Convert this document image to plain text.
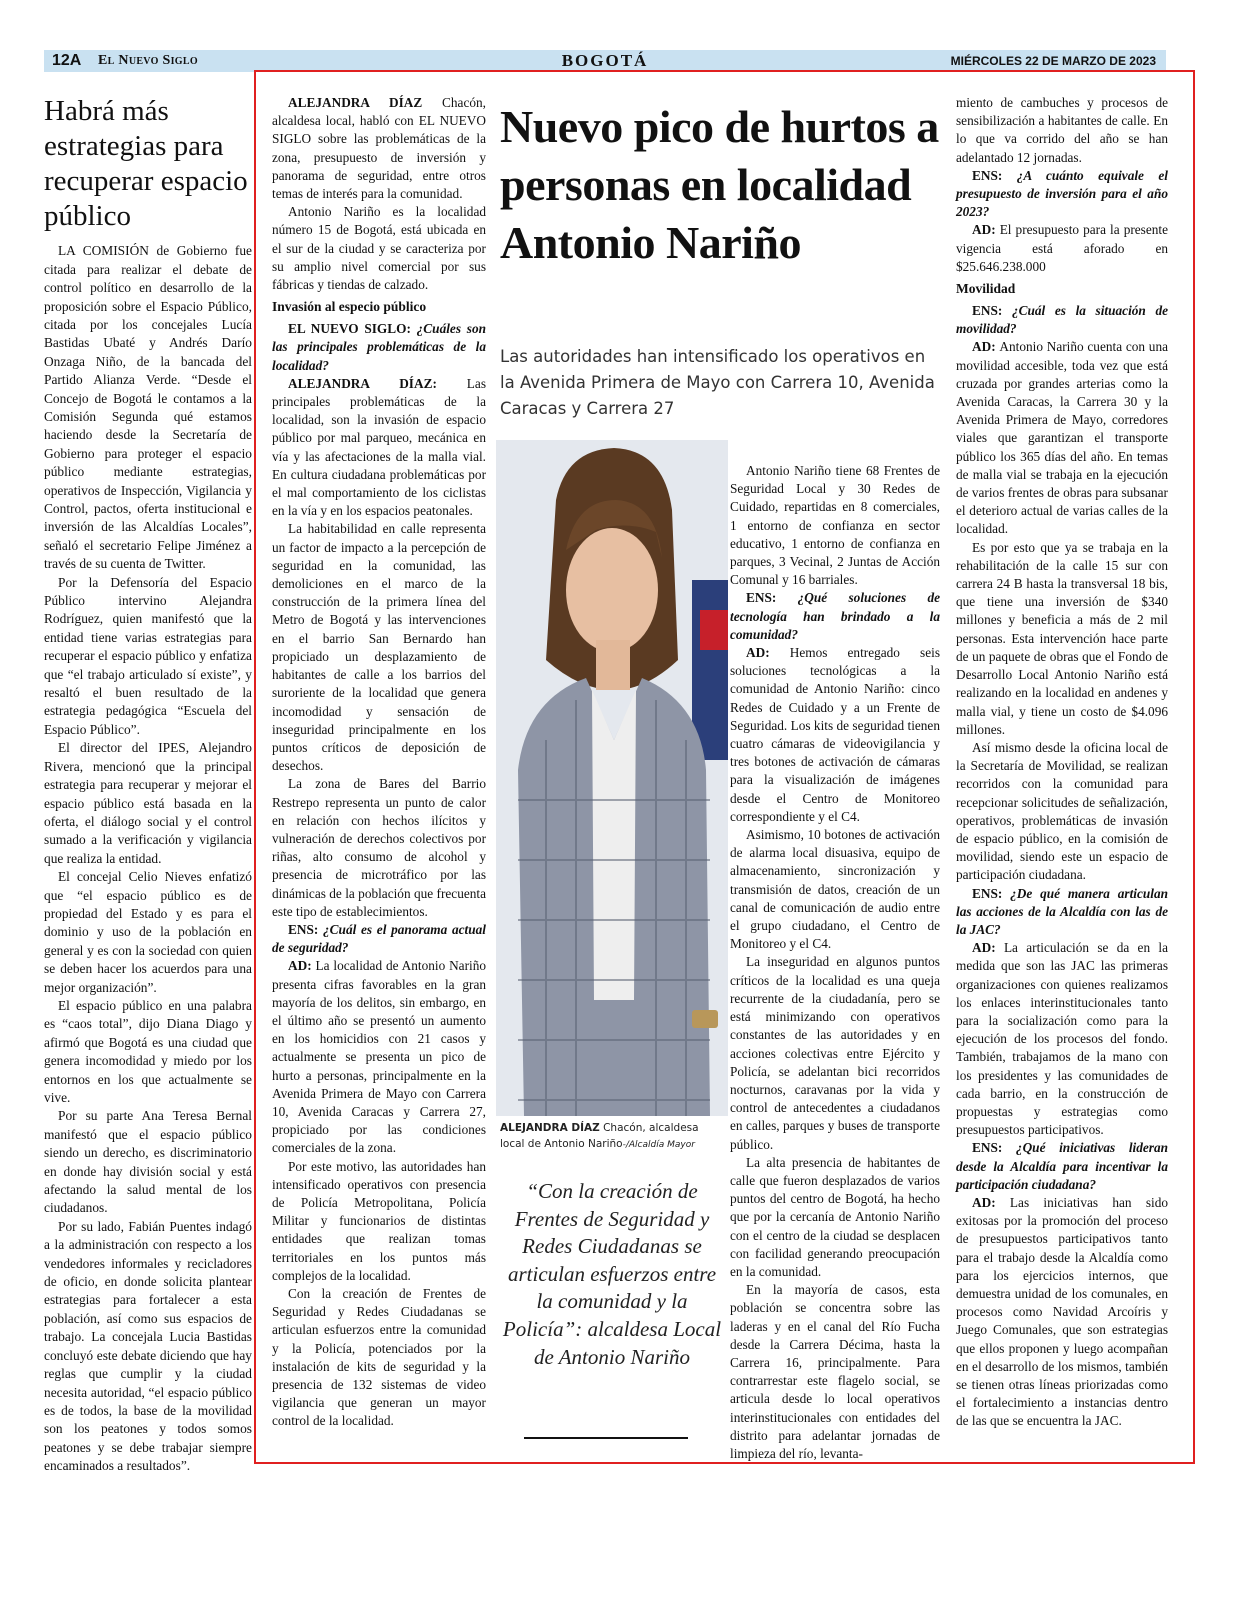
12A El Nuevo Siglo	BOGOTÁ	MIÉRCOLES 22 DE MARZO DE 2023
Habrá más estrategias para recuperar espacio público

LA COMISIÓN de Gobierno fue citada para realizar el debate de control político en desarrollo de la proposición sobre el Espacio Público, citada por los concejales Lucía Bastidas Ubaté y Andrés Darío Onzaga Niño, de la bancada del Partido Alianza Verde. “Desde el Concejo de Bogotá le contamos a la Comisión Segunda qué estamos haciendo desde la Secretaría de Gobierno para proteger el espacio público mediante estrategias, operativos de Inspección, Vigilancia y Control, pactos, oferta institucional e inversión de las Alcaldías Locales”, señaló el secretario Felipe Jiménez a través de su cuenta de Twitter.

Por la Defensoría del Espacio Público intervino Alejandra Rodríguez, quien manifestó que la entidad tiene varias estrategias para recuperar el espacio público y enfatiza que “el trabajo articulado sí existe”, y resaltó el buen resultado de la estrategia pedagógica “Escuela del Espacio Público”.

El director del IPES, Alejandro Rivera, mencionó que la principal estrategia para recuperar y mejorar el espacio público está basada en la oferta, el diálogo social y el control sumado a la verificación y vigilancia que realiza la entidad.

El concejal Celio Nieves enfatizó que “el espacio público es de propiedad del Estado y es para el dominio y uso de la población en general y es con la sociedad con quien se deben hacer los acuerdos para una mejor organización”.

El espacio público en una palabra es “caos total”, dijo Diana Diago y afirmó que Bogotá es una ciudad que genera incomodidad y miedo por los entornos en los que actualmente se vive.

Por su parte Ana Teresa Bernal manifestó que el espacio público siendo un derecho, es discriminatorio en donde hay división social y está afectando la salud mental de los ciudadanos.

Por su lado, Fabián Puentes indagó a la administración con respecto a los vendedores informales y recicladores de oficio, en donde solicita plantear estrategias para fortalecer a esta población, así como sus espacios de trabajo. La concejala Lucia Bastidas concluyó este debate diciendo que hay reglas que cumplir y la ciudad necesita autoridad, “el espacio público es de todos, la base de la movilidad son los peatones y todos somos peatones y se debe trabajar siempre encaminados a resultados”.

ALEJANDRA DÍAZ Chacón, alcaldesa local, habló con EL NUEVO SIGLO sobre las problemáticas de la zona, presupuesto de inversión y panorama de seguridad, entre otros temas de interés para la comunidad.

Antonio Nariño es la localidad número 15 de Bogotá, está ubicada en el sur de la ciudad y se caracteriza por su amplio nivel comercial por sus fábricas y tiendas de calzado.

Invasión al especio público

EL NUEVO SIGLO: ¿Cuáles son las principales problemáticas de la localidad?

ALEJANDRA DÍAZ: Las principales problemáticas de la localidad, son la invasión de espacio público por mal parqueo, mecánica en vía y las afectaciones de la malla vial. En cultura ciudadana problemáticas por el mal comportamiento de los ciclistas en la vía y en los espacios peatonales.

La habitabilidad en calle representa un factor de impacto a la percepción de seguridad en la comunidad, las demoliciones en el marco de la construcción de la primera línea del Metro de Bogotá y las intervenciones en el barrio San Bernardo han propiciado un desplazamiento de habitantes de calle a los barrios del suroriente de la localidad que genera incomodidad y sensación de inseguridad principalmente en los puntos críticos de deposición de desechos.

La zona de Bares del Barrio Restrepo representa un punto de calor en relación con hechos ilícitos y vulneración de derechos colectivos por riñas, alto consumo de alcohol y presencia de microtráfico por las dinámicas de la población que frecuenta este tipo de establecimientos.

ENS: ¿Cuál es el panorama actual de seguridad?

AD: La localidad de Antonio Nariño presenta cifras favorables en la gran mayoría de los delitos, sin embargo, en el último año se presentó un aumento en los homicidios con 21 casos y actualmente se presenta un pico de hurto a personas, principalmente en la Avenida Primera de Mayo con Carrera 10, Avenida Caracas y Carrera 27, propiciado por las condiciones comerciales de la zona.

Por este motivo, las autoridades han intensificado operativos con presencia de Policía Metropolitana, Policía Militar y funcionarios de distintas entidades que realizan tomas territoriales en los puntos más complejos de la localidad.

Con la creación de Frentes de Seguridad y Redes Ciudadanas se articulan esfuerzos entre la comunidad y la Policía, potenciados por la instalación de kits de seguridad y la presencia de 132 sistemas de video vigilancia que generan un mayor control de la localidad.

Nuevo pico de hurtos a personas en localidad Antonio Nariño

Las autoridades han intensificado los operativos en la Avenida Primera de Mayo con Carrera 10, Avenida Caracas y Carrera 27

ALEJANDRA DÍAZ Chacón, alcaldesa local de Antonio Nariño-/Alcaldía Mayor
“Con la creación de Frentes de Seguridad y Redes Ciudadanas se articulan esfuerzos entre la comunidad y la Policía”: alcaldesa Local de Antonio Nariño

Antonio Nariño tiene 68 Frentes de Seguridad Local y 30 Redes de Cuidado, repartidas en 8 comerciales, 1 entorno de confianza en sector educativo, 1 entorno de confianza en parques, 3 Vecinal, 2 Juntas de Acción Comunal y 16 barriales.

ENS: ¿Qué soluciones de tecnología han brindado a la comunidad?

AD: Hemos entregado seis soluciones tecnológicas a la comunidad de Antonio Nariño: cinco Redes de Cuidado y a un Frente de Seguridad. Los kits de seguridad tienen cuatro cámaras de videovigilancia y tres botones de activación de cámaras para la visualización de imágenes desde el Centro de Monitoreo correspondiente y el C4.

Asimismo, 10 botones de activación de alarma local disuasiva, equipo de almacenamiento, sincronización y transmisión de datos, creación de un canal de comunicación de audio entre el grupo ciudadano, el Centro de Monitoreo y el C4.

La inseguridad en algunos puntos críticos de la localidad es una queja recurrente de la ciudadanía, pero se está minimizando con operativos constantes de las autoridades y en acciones colectivas entre Ejército y Policía, se adelantan bici recorridos nocturnos, caravanas por la vida y control de antecedentes a ciudadanos en calles, parques y buses de transporte público.

La alta presencia de habitantes de calle que fueron desplazados de varios puntos del centro de Bogotá, ha hecho que por la cercanía de Antonio Nariño con el centro de la ciudad se desplacen con facilidad generando preocupación en la comunidad.

En la mayoría de casos, esta población se concentra sobre las laderas y en el canal del Río Fucha desde la Carrera Décima, hasta la Carrera 16, principalmente. Para contrarrestar este flagelo social, se articula desde lo local operativos interinstitucionales con entidades del distrito para adelantar jornadas de limpieza del río, levanta-

miento de cambuches y procesos de sensibilización a habitantes de calle. En lo que va corrido del año se han adelantado 12 jornadas.

ENS: ¿A cuánto equivale el presupuesto de inversión para el año 2023?

AD: El presupuesto para la presente vigencia está aforado en $25.646.238.000

Movilidad

ENS: ¿Cuál es la situación de movilidad?

AD: Antonio Nariño cuenta con una movilidad accesible, toda vez que está cruzada por grandes arterias como la Avenida Caracas, la Carrera 30 y la Avenida Primera de Mayo, corredores viales que garantizan el transporte público los 365 días del año. En temas de malla vial se trabaja en la ejecución de varios frentes de obras para subsanar el deterioro actual de varias calles de la localidad.

Es por esto que ya se trabaja en la rehabilitación de la calle 15 sur con carrera 24 B hasta la transversal 18 bis, que tiene una inversión de $340 millones y beneficia a más de 2 mil personas. Esta intervención hace parte de un paquete de obras que el Fondo de Desarrollo Local Antonio Nariño está realizando en la localidad en andenes y malla vial, y tiene un costo de $4.096 millones.

Así mismo desde la oficina local de la Secretaría de Movilidad, se realizan recorridos con la comunidad para recepcionar solicitudes de señalización, operativos, problemáticas de invasión de espacio público, en la comisión de movilidad, siendo este un espacio de participación ciudadana.

ENS: ¿De qué manera articulan las acciones de la Alcaldía con las de la JAC?

AD: La articulación se da en la medida que son las JAC las primeras organizaciones con quienes realizamos los enlaces interinstitucionales tanto para la socialización como para la ejecución de los procesos del fondo. También, trabajamos de la mano con los presidentes y las comunidades de cada barrio, en la construcción de propuestas y estrategias como presupuestos participativos.

ENS: ¿Qué iniciativas lideran desde la Alcaldía para incentivar la participación ciudadana?

AD: Las iniciativas han sido exitosas por la promoción del proceso de presupuestos participativos tanto para el trabajo desde la Alcaldía como para los ejercicios internos, que demuestra unidad de los comunales, en procesos como Navidad Arcoíris y Juego Comunales, que son estrategias que ellos proponen y luego acompañan en el desarrollo de los mismos, también se tienen otras líneas priorizadas como el fortalecimiento a instancias dentro de las que se encuentra la JAC.
